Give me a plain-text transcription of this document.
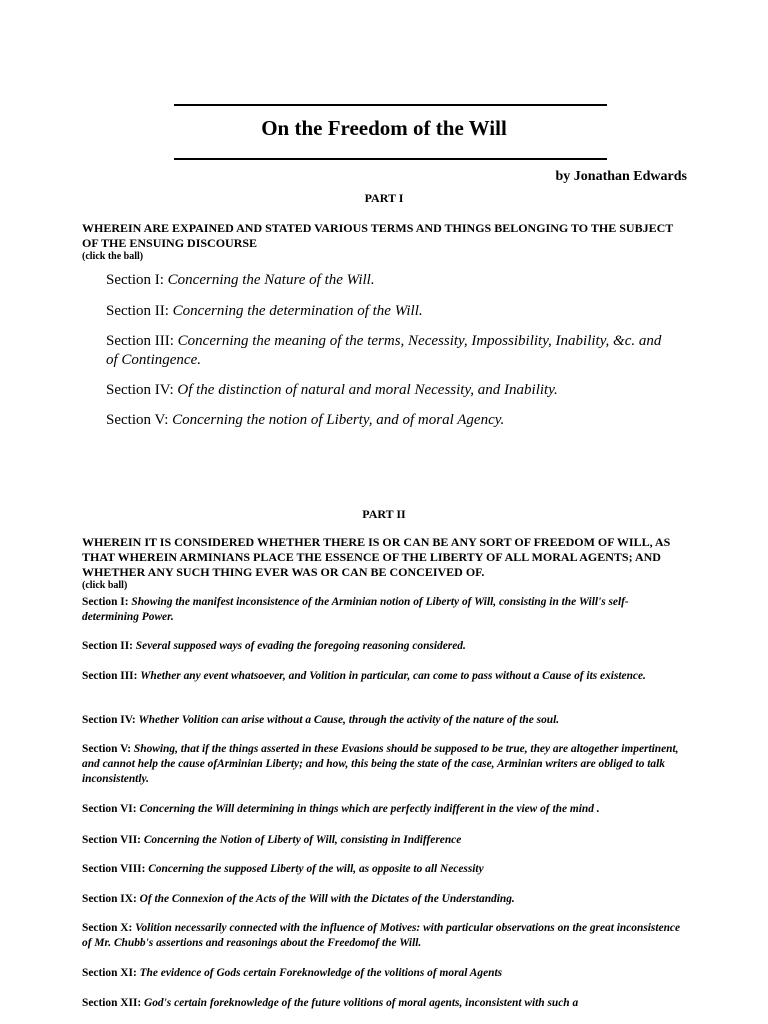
On the Freedom of the Will
by Jonathan Edwards
PART I
WHEREIN ARE EXPAINED AND STATED VARIOUS TERMS AND THINGS BELONGING TO THE SUBJECT OF THE ENSUING DISCOURSE
(click the ball)
Section I: Concerning the Nature of the Will.
Section II: Concerning the determination of the Will.
Section III: Concerning the meaning of the terms, Necessity, Impossibility, Inability, &c. and of Contingence.
Section IV: Of the distinction of natural and moral Necessity, and Inability.
Section V: Concerning the notion of Liberty, and of moral Agency.
PART II
WHEREIN IT IS CONSIDERED WHETHER THERE IS OR CAN BE ANY SORT OF FREEDOM OF WILL, AS THAT WHEREIN ARMINIANS PLACE THE ESSENCE OF THE LIBERTY OF ALL MORAL AGENTS; AND WHETHER ANY SUCH THING EVER WAS OR CAN BE CONCEIVED OF.
(click ball)
Section I: Showing the manifest inconsistence of the Arminian notion of Liberty of Will, consisting in the Will's self-determining Power.
Section II: Several supposed ways of evading the foregoing reasoning considered.
Section III: Whether any event whatsoever, and Volition in particular, can come to pass without a Cause of its existence.
Section IV: Whether Volition can arise without a Cause, through the activity of the nature of the soul.
Section V: Showing, that if the things asserted in these Evasions should be supposed to be true, they are altogether impertinent, and cannot help the cause ofArminian Liberty; and how, this being the state of the case, Arminian writers are obliged to talk inconsistently.
Section VI: Concerning the Will determining in things which are perfectly indifferent in the view of the mind .
Section VII: Concerning the Notion of Liberty of Will, consisting in Indifference
Section VIII: Concerning the supposed Liberty of the will, as opposite to all Necessity
Section IX: Of the Connexion of the Acts of the Will with the Dictates of the Understanding.
Section X: Volition necessarily connected with the influence of Motives: with particular observations on the great inconsistence of Mr. Chubb's assertions and reasonings about the Freedomof the Will.
Section XI: The evidence of Gods certain Foreknowledge of the volitions of moral Agents
Section XII: God's certain foreknowledge of the future volitions of moral agents, inconsistent with such a
